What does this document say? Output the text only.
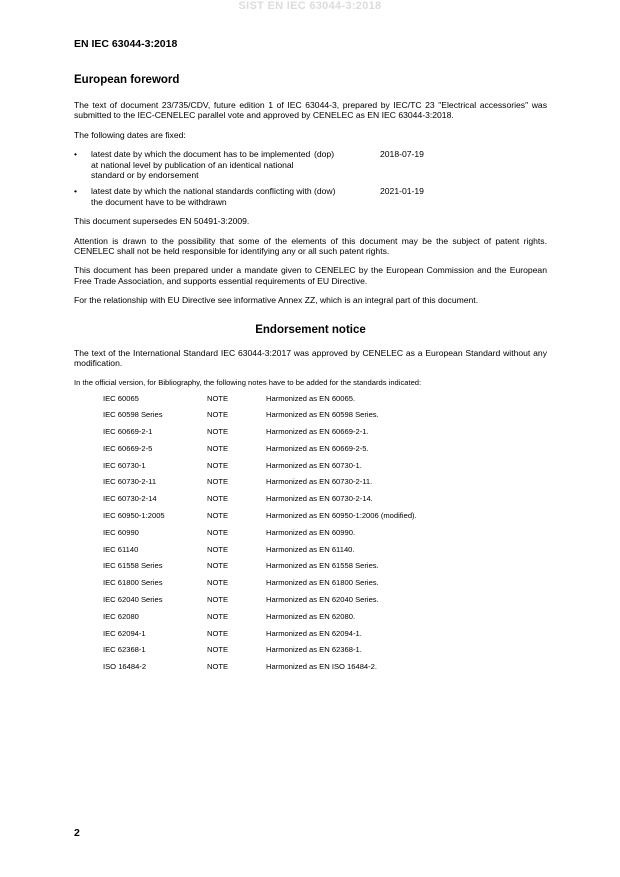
SIST EN IEC 63044-3:2018
EN IEC 63044-3:2018
European foreword

The text of document 23/735/CDV, future edition 1 of IEC 63044-3, prepared by IEC/TC 23 "Electrical accessories" was submitted to the IEC-CENELEC parallel vote and approved by CENELEC as EN IEC 63044-3:2018.

The following dates are fixed:

•	latest date by which the document has to be implemented at national level by publication of an identical national standard or by endorsement
(dop)	2018-07-19
•	latest date by which the national standards conflicting with the document have to be withdrawn
(dow)	2021-01-19

This document supersedes EN 50491-3:2009.

Attention is drawn to the possibility that some of the elements of this document may be the subject of patent rights. CENELEC shall not be held responsible for identifying any or all such patent rights.

This document has been prepared under a mandate given to CENELEC by the European Commission and the European Free Trade Association, and supports essential requirements of EU Directive.

For the relationship with EU Directive see informative Annex ZZ, which is an integral part of this document.

Endorsement notice

The text of the International Standard IEC 63044-3:2017 was approved by CENELEC as a European Standard without any modification.

In the official version, for Bibliography, the following notes have to be added for the standards indicated:

IEC 60065	NOTE	Harmonized as EN 60065.
IEC 60598 Series	NOTE	Harmonized as EN 60598 Series.
IEC 60669-2-1	NOTE	Harmonized as EN 60669-2-1.
IEC 60669-2-5	NOTE	Harmonized as EN 60669-2-5.
IEC 60730-1	NOTE	Harmonized as EN 60730-1.
IEC 60730-2-11	NOTE	Harmonized as EN 60730-2-11.
IEC 60730-2-14	NOTE	Harmonized as EN 60730-2-14.
IEC 60950-1:2005	NOTE	Harmonized as EN 60950-1:2006 (modified).
IEC 60990	NOTE	Harmonized as EN 60990.
IEC 61140	NOTE	Harmonized as EN 61140.
IEC 61558 Series	NOTE	Harmonized as EN 61558 Series.
IEC 61800 Series	NOTE	Harmonized as EN 61800 Series.
IEC 62040 Series	NOTE	Harmonized as EN 62040 Series.
IEC 62080	NOTE	Harmonized as EN 62080.
IEC 62094-1	NOTE	Harmonized as EN 62094-1.
IEC 62368-1	NOTE	Harmonized as EN 62368-1.
ISO 16484-2	NOTE	Harmonized as EN ISO 16484-2.
2
